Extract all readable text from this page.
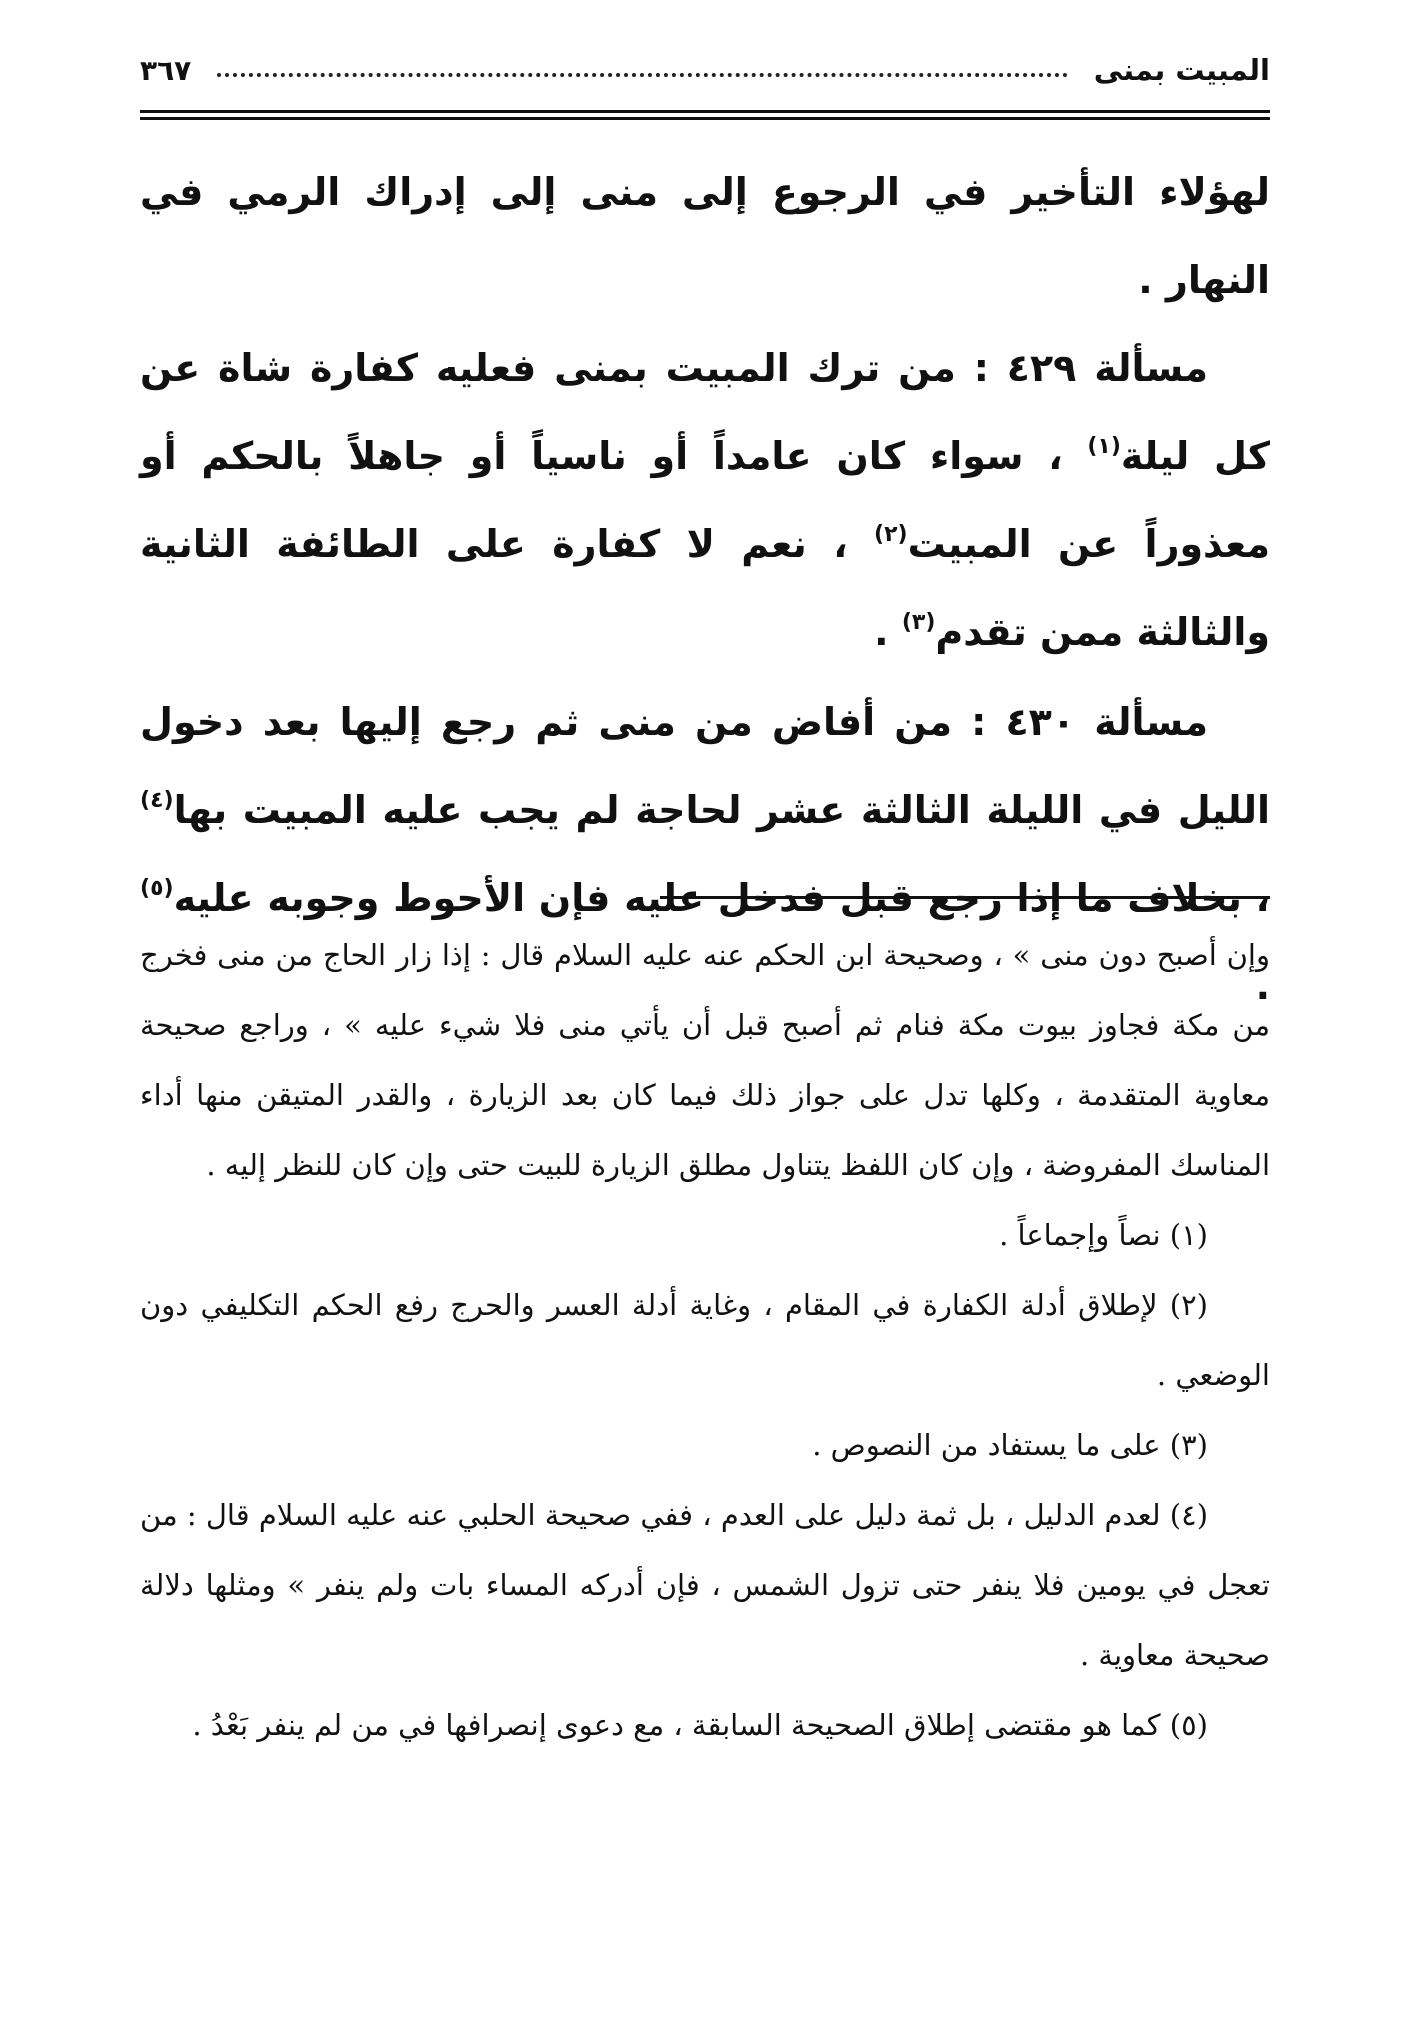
المبيت بمنى
٣٦٧

لهؤلاء التأخير في الرجوع إلى منى إلى إدراك الرمي في النهار .

مسألة ٤٢٩ : من ترك المبيت بمنى فعليه كفارة شاة عن كل ليلة$^{(١)}$ ، سواء كان عامداً أو ناسياً أو جاهلاً بالحكم أو معذوراً عن المبيت$^{(٢)}$ ، نعم لا كفارة على الطائفة الثانية والثالثة ممن تقدم$^{(٣)}$ .

مسألة ٤٣٠ : من أفاض من منى ثم رجع إليها بعد دخول الليل في الليلة الثالثة عشر لحاجة لم يجب عليه المبيت بها$^{(٤)}$ ، بخلاف ما إذا رجع قبل فدخل عليه فإن الأحوط وجوبه عليه$^{(٥)}$ .

وإن أصبح دون منى » ، وصحيحة ابن الحكم عنه عليه السلام قال : إذا زار الحاج من منى فخرج من مكة فجاوز بيوت مكة فنام ثم أصبح قبل أن يأتي منى فلا شيء عليه » ، وراجع صحيحة معاوية المتقدمة ، وكلها تدل على جواز ذلك فيما كان بعد الزيارة ، والقدر المتيقن منها أداء المناسك المفروضة ، وإن كان اللفظ يتناول مطلق الزيارة للبيت حتى وإن كان للنظر إليه .

(١) نصاً وإجماعاً .

(٢) لإطلاق أدلة الكفارة في المقام ، وغاية أدلة العسر والحرج رفع الحكم التكليفي دون الوضعي .

(٣) على ما يستفاد من النصوص .

(٤) لعدم الدليل ، بل ثمة دليل على العدم ، ففي صحيحة الحلبي عنه عليه السلام قال : من تعجل في يومين فلا ينفر حتى تزول الشمس ، فإن أدركه المساء بات ولم ينفر » ومثلها دلالة صحيحة معاوية .

(٥) كما هو مقتضى إطلاق الصحيحة السابقة ، مع دعوى إنصرافها في من لم ينفر بَعْدُ .
